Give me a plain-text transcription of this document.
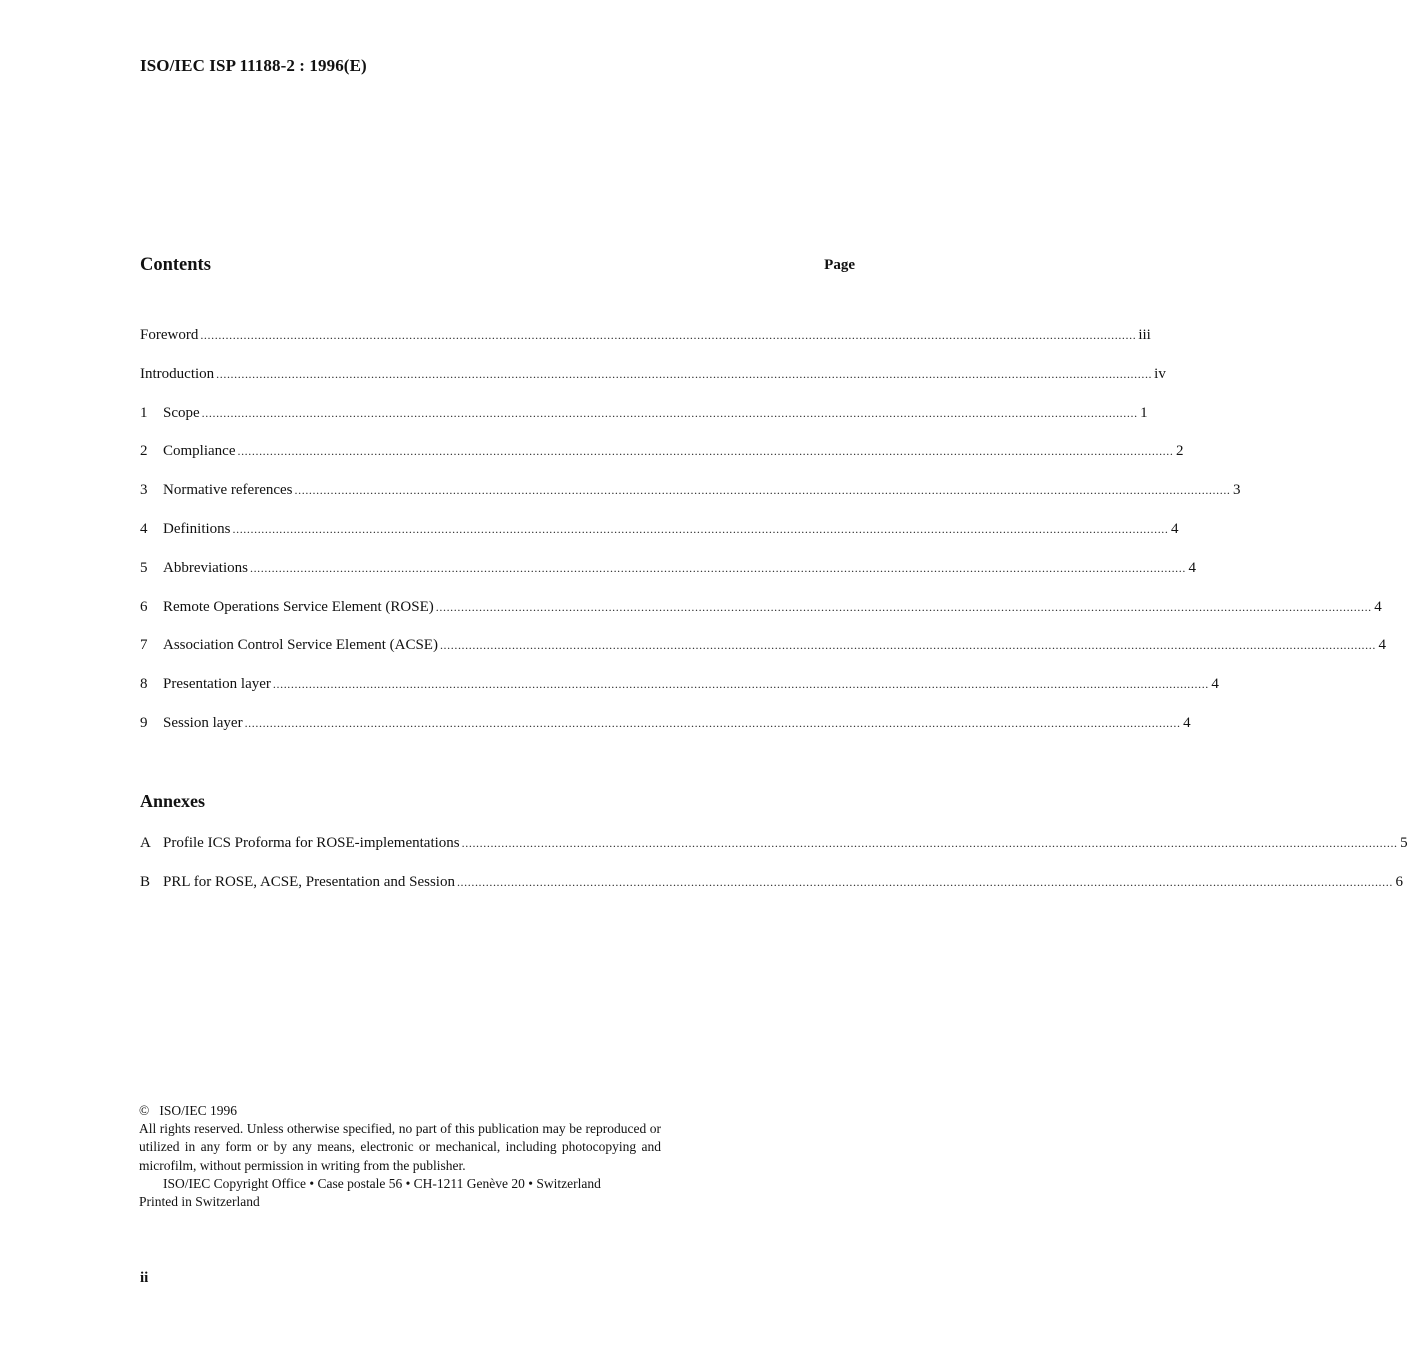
ISO/IEC ISP 11188-2 : 1996(E)
Contents	Page
Foreword .................................................................................................................................................................................................................................................................... iii
Introduction .................................................................................................................................................................................................................................................................... iv
1	Scope .................................................................................................................................................................................................................................................................... 1
2	Compliance .................................................................................................................................................................................................................................................................... 2
3	Normative references .................................................................................................................................................................................................................................................................... 3
4	Definitions .................................................................................................................................................................................................................................................................... 4
5	Abbreviations .................................................................................................................................................................................................................................................................... 4
6	Remote Operations Service Element (ROSE) .................................................................................................................................................................................................................................................................... 4
7	Association Control Service Element (ACSE) .................................................................................................................................................................................................................................................................... 4
8	Presentation layer .................................................................................................................................................................................................................................................................... 4
9	Session layer .................................................................................................................................................................................................................................................................... 4
Annexes
A Profile ICS Proforma for ROSE-implementations .................................................................................................................................................................................................................................................................... 5
B PRL for ROSE, ACSE, Presentation and Session .................................................................................................................................................................................................................................................................... 6
©   ISO/IEC 1996
All rights reserved. Unless otherwise specified, no part of this publication may be reproduced or utilized in any form or by any means, electronic or mechanical, including photocopying and microfilm, without permission in writing from the publisher.
ISO/IEC Copyright Office • Case postale 56 • CH-1211 Genève 20 • Switzerland
Printed in Switzerland
ii
